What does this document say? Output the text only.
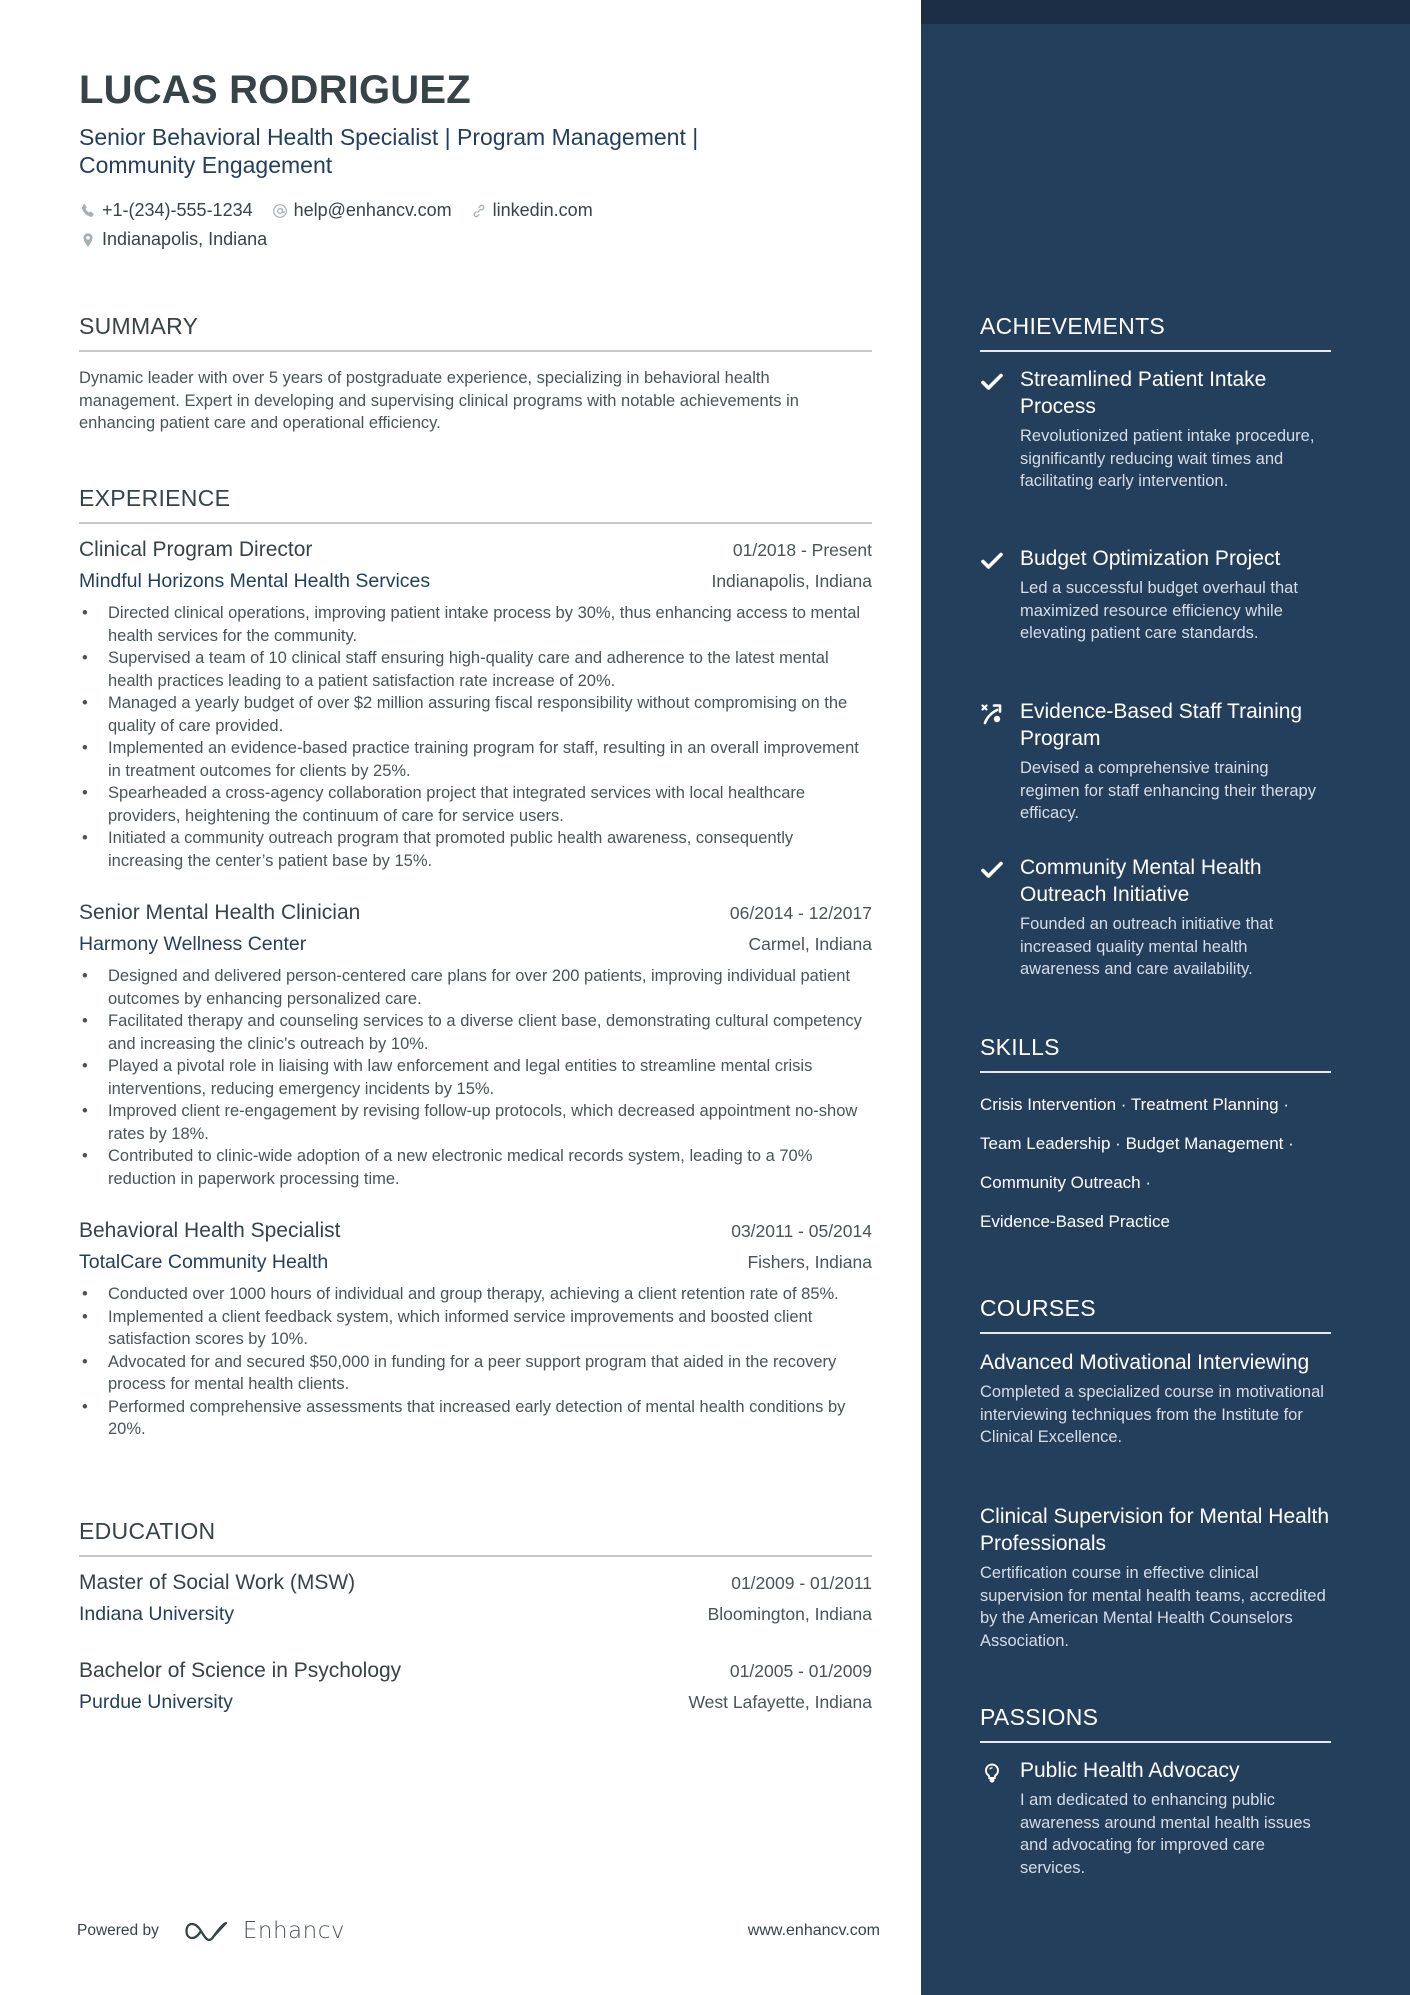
LUCAS RODRIGUEZ
Senior Behavioral Health Specialist | Program Management | Community Engagement
+1-(234)-555-1234 help@enhancv.com linkedin.com
Indianapolis, Indiana
SUMMARY
Dynamic leader with over 5 years of postgraduate experience, specializing in behavioral health management. Expert in developing and supervising clinical programs with notable achievements in enhancing patient care and operational efficiency.
EXPERIENCE
Clinical Program Director	01/2018 - Present
Mindful Horizons Mental Health Services	Indianapolis, Indiana
• Directed clinical operations, improving patient intake process by 30%, thus enhancing access to mental health services for the community.
• Supervised a team of 10 clinical staff ensuring high-quality care and adherence to the latest mental health practices leading to a patient satisfaction rate increase of 20%.
• Managed a yearly budget of over $2 million assuring fiscal responsibility without compromising on the quality of care provided.
• Implemented an evidence-based practice training program for staff, resulting in an overall improvement in treatment outcomes for clients by 25%.
• Spearheaded a cross-agency collaboration project that integrated services with local healthcare providers, heightening the continuum of care for service users.
• Initiated a community outreach program that promoted public health awareness, consequently increasing the center’s patient base by 15%.
Senior Mental Health Clinician	06/2014 - 12/2017
Harmony Wellness Center	Carmel, Indiana
• Designed and delivered person-centered care plans for over 200 patients, improving individual patient outcomes by enhancing personalized care.
• Facilitated therapy and counseling services to a diverse client base, demonstrating cultural competency and increasing the clinic's outreach by 10%.
• Played a pivotal role in liaising with law enforcement and legal entities to streamline mental crisis interventions, reducing emergency incidents by 15%.
• Improved client re-engagement by revising follow-up protocols, which decreased appointment no-show rates by 18%.
• Contributed to clinic-wide adoption of a new electronic medical records system, leading to a 70% reduction in paperwork processing time.
Behavioral Health Specialist	03/2011 - 05/2014
TotalCare Community Health	Fishers, Indiana
• Conducted over 1000 hours of individual and group therapy, achieving a client retention rate of 85%.
• Implemented a client feedback system, which informed service improvements and boosted client satisfaction scores by 10%.
• Advocated for and secured $50,000 in funding for a peer support program that aided in the recovery process for mental health clients.
• Performed comprehensive assessments that increased early detection of mental health conditions by 20%.
EDUCATION
Master of Social Work (MSW)	01/2009 - 01/2011
Indiana University	Bloomington, Indiana
Bachelor of Science in Psychology	01/2005 - 01/2009
Purdue University	West Lafayette, Indiana
Powered by	Enhancv	www.enhancv.com
ACHIEVEMENTS
Streamlined Patient Intake Process
Revolutionized patient intake procedure, significantly reducing wait times and facilitating early intervention.
Budget Optimization Project
Led a successful budget overhaul that maximized resource efficiency while elevating patient care standards.
Evidence-Based Staff Training Program
Devised a comprehensive training regimen for staff enhancing their therapy efficacy.
Community Mental Health Outreach Initiative
Founded an outreach initiative that increased quality mental health awareness and care availability.
SKILLS
Crisis Intervention · Treatment Planning ·
Team Leadership · Budget Management ·
Community Outreach ·
Evidence-Based Practice
COURSES
Advanced Motivational Interviewing
Completed a specialized course in motivational interviewing techniques from the Institute for Clinical Excellence.
Clinical Supervision for Mental Health Professionals
Certification course in effective clinical supervision for mental health teams, accredited by the American Mental Health Counselors Association.
PASSIONS
Public Health Advocacy
I am dedicated to enhancing public awareness around mental health issues and advocating for improved care services.
